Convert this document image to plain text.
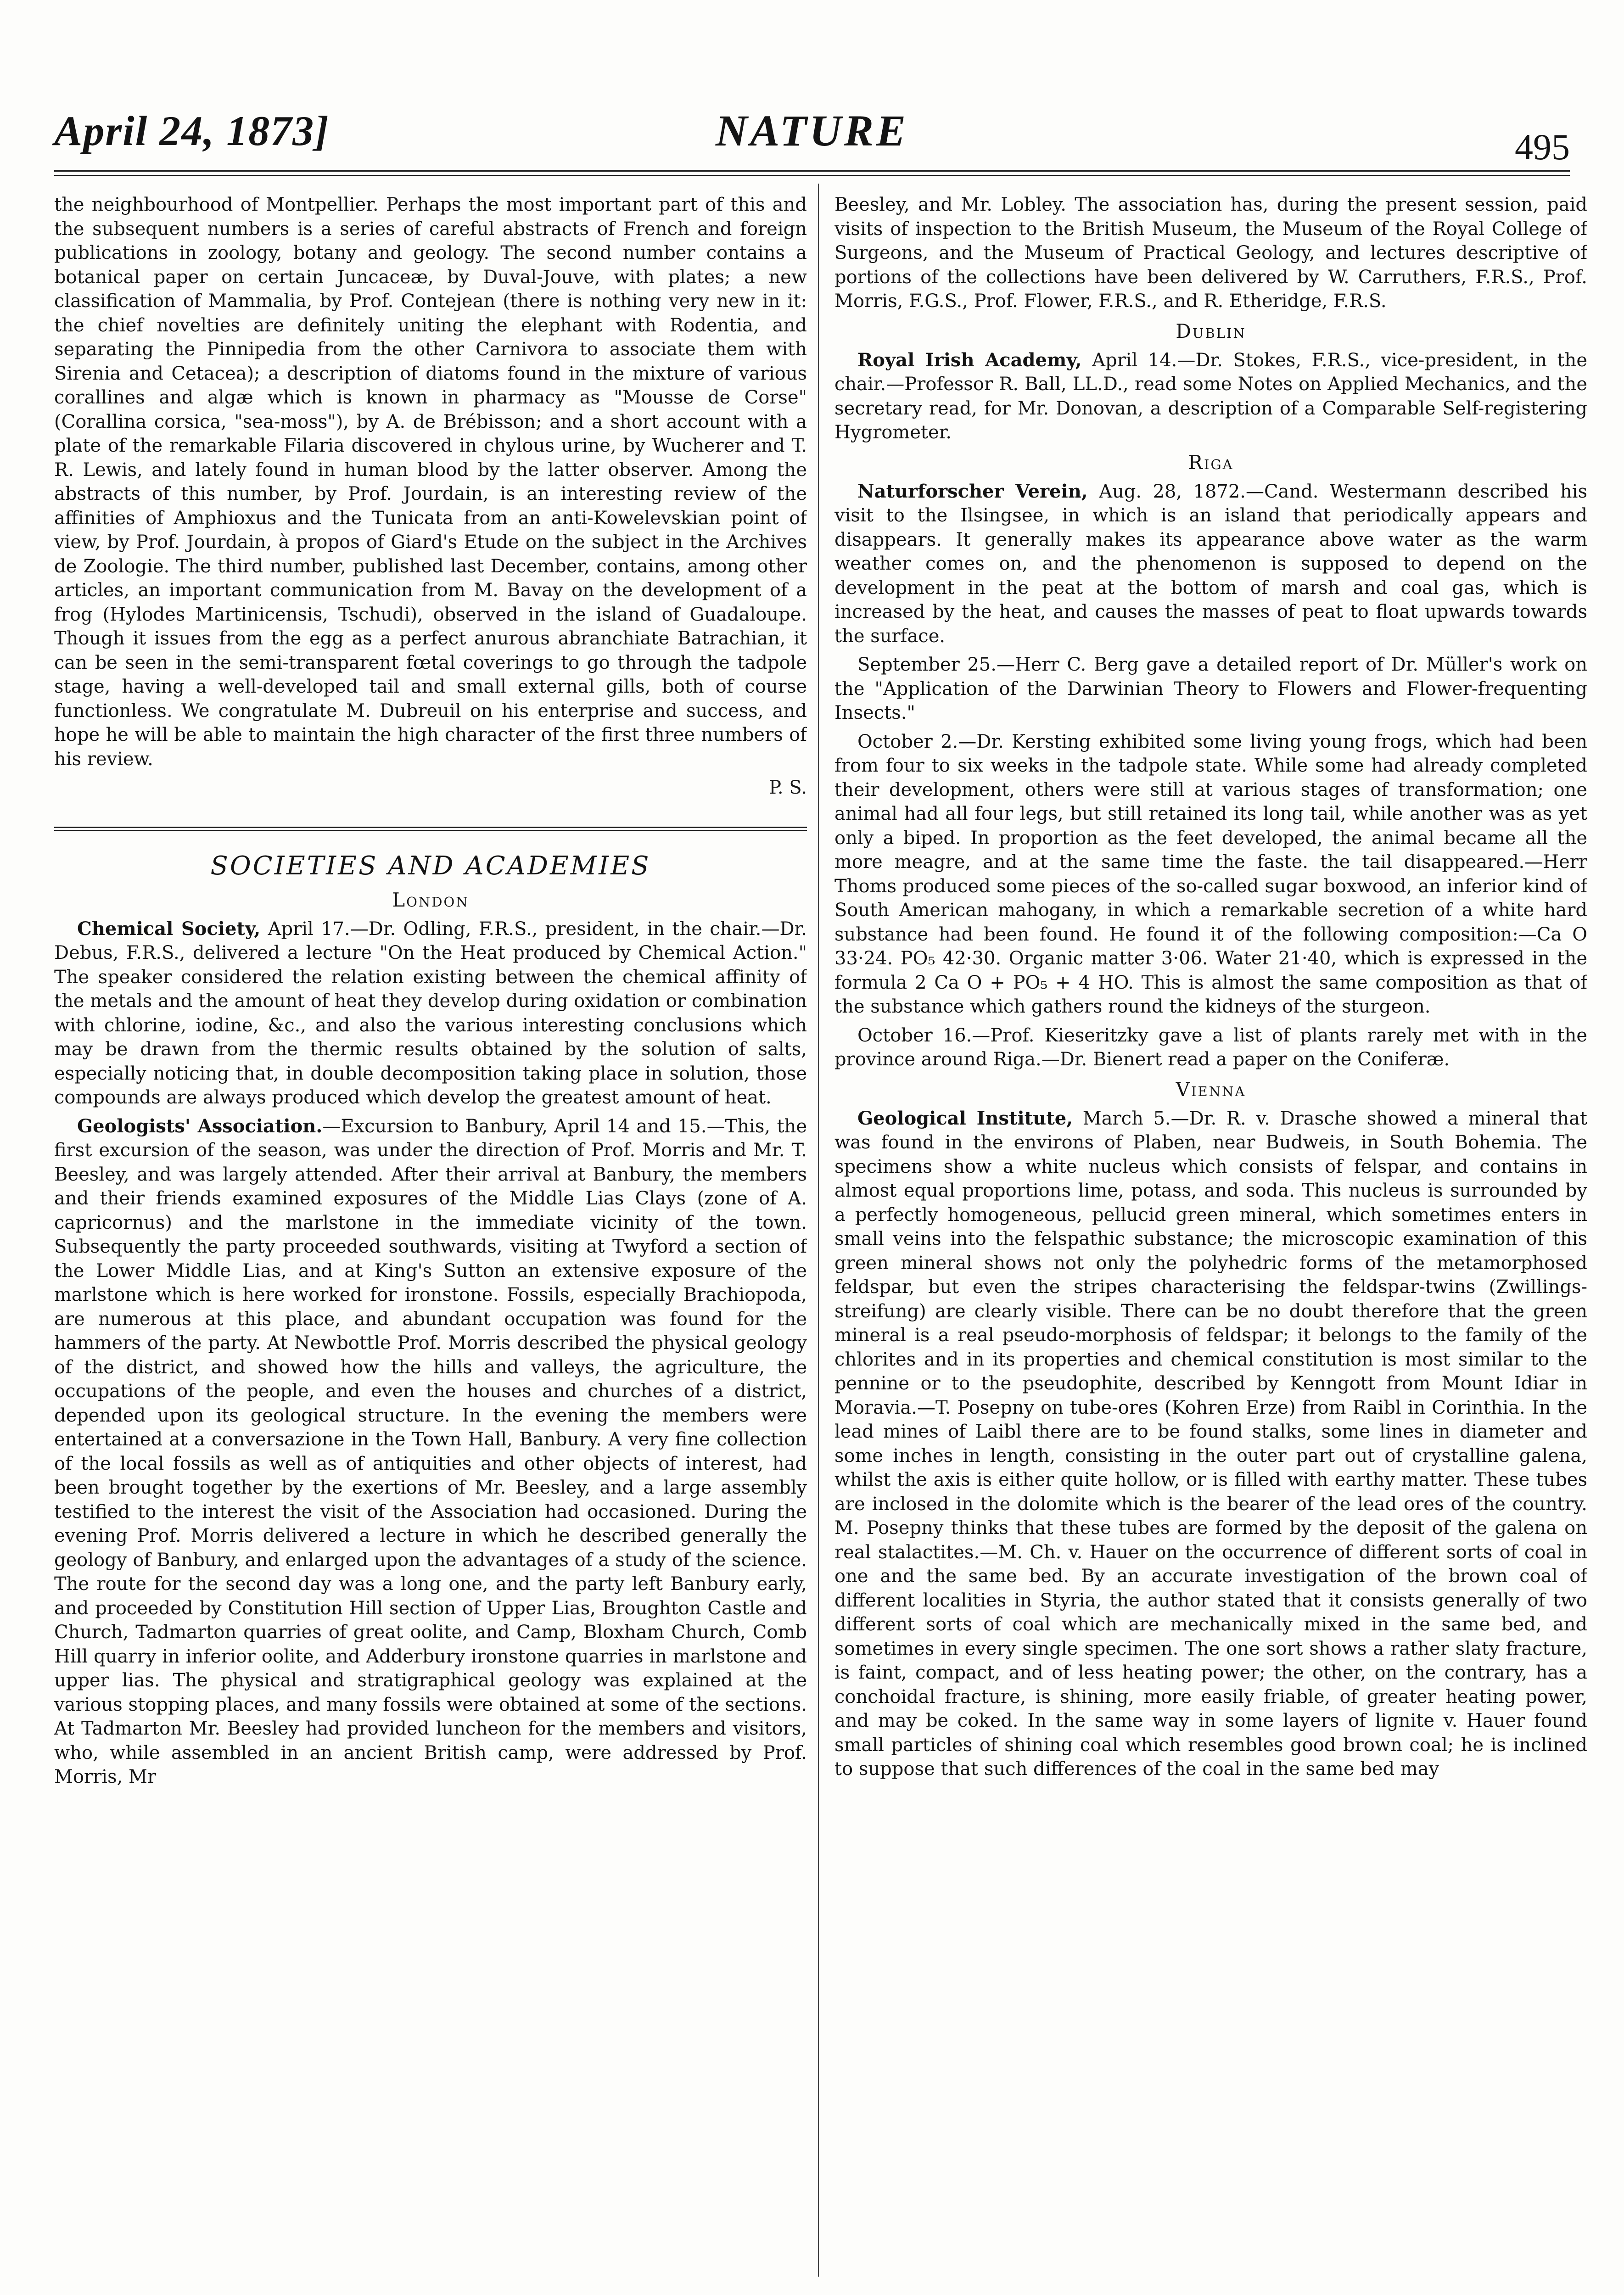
April 24, 1873]	NATURE	495

the neighbourhood of Montpellier. Perhaps the most important part of this and the subsequent numbers is a series of careful abstracts of French and foreign publications in zoology, botany and geology. The second number contains a botanical paper on certain Juncaceæ, by Duval-Jouve, with plates; a new classification of Mammalia, by Prof. Contejean (there is nothing very new in it: the chief novelties are definitely uniting the elephant with Rodentia, and separating the Pinnipedia from the other Carnivora to associate them with Sirenia and Cetacea); a description of diatoms found in the mixture of various corallines and algæ which is known in pharmacy as "Mousse de Corse" (Corallina corsica, "sea-moss"), by A. de Brébisson; and a short account with a plate of the remarkable Filaria discovered in chylous urine, by Wucherer and T. R. Lewis, and lately found in human blood by the latter observer. Among the abstracts of this number, by Prof. Jourdain, is an interesting review of the affinities of Amphioxus and the Tunicata from an anti-Kowelevskian point of view, by Prof. Jourdain, à propos of Giard's Etude on the subject in the Archives de Zoologie. The third number, published last December, contains, among other articles, an important communication from M. Bavay on the development of a frog (Hylodes Martinicensis, Tschudi), observed in the island of Guadaloupe. Though it issues from the egg as a perfect anurous abranchiate Batrachian, it can be seen in the semi-transparent fœtal coverings to go through the tadpole stage, having a well-developed tail and small external gills, both of course functionless. We congratulate M. Dubreuil on his enterprise and success, and hope he will be able to maintain the high character of the first three numbers of his review.

P. S.
SOCIETIES AND ACADEMIES
London

Chemical Society, April 17.—Dr. Odling, F.R.S., president, in the chair.—Dr. Debus, F.R.S., delivered a lecture "On the Heat produced by Chemical Action." The speaker considered the relation existing between the chemical affinity of the metals and the amount of heat they develop during oxidation or combination with chlorine, iodine, &c., and also the various interesting conclusions which may be drawn from the thermic results obtained by the solution of salts, especially noticing that, in double decomposition taking place in solution, those compounds are always produced which develop the greatest amount of heat.

Geologists' Association.—Excursion to Banbury, April 14 and 15.—This, the first excursion of the season, was under the direction of Prof. Morris and Mr. T. Beesley, and was largely attended. After their arrival at Banbury, the members and their friends examined exposures of the Middle Lias Clays (zone of A. capricornus) and the marlstone in the immediate vicinity of the town. Subsequently the party proceeded southwards, visiting at Twyford a section of the Lower Middle Lias, and at King's Sutton an extensive exposure of the marlstone which is here worked for ironstone. Fossils, especially Brachiopoda, are numerous at this place, and abundant occupation was found for the hammers of the party. At Newbottle Prof. Morris described the physical geology of the district, and showed how the hills and valleys, the agriculture, the occupations of the people, and even the houses and churches of a district, depended upon its geological structure. In the evening the members were entertained at a conversazione in the Town Hall, Banbury. A very fine collection of the local fossils as well as of antiquities and other objects of interest, had been brought together by the exertions of Mr. Beesley, and a large assembly testified to the interest the visit of the Association had occasioned. During the evening Prof. Morris delivered a lecture in which he described generally the geology of Banbury, and enlarged upon the advantages of a study of the science. The route for the second day was a long one, and the party left Banbury early, and proceeded by Constitution Hill section of Upper Lias, Broughton Castle and Church, Tadmarton quarries of great oolite, and Camp, Bloxham Church, Comb Hill quarry in inferior oolite, and Adderbury ironstone quarries in marlstone and upper lias. The physical and stratigraphical geology was explained at the various stopping places, and many fossils were obtained at some of the sections. At Tadmarton Mr. Beesley had provided luncheon for the members and visitors, who, while assembled in an ancient British camp, were addressed by Prof. Morris, Mr

Beesley, and Mr. Lobley. The association has, during the present session, paid visits of inspection to the British Museum, the Museum of the Royal College of Surgeons, and the Museum of Practical Geology, and lectures descriptive of portions of the collections have been delivered by W. Carruthers, F.R.S., Prof. Morris, F.G.S., Prof. Flower, F.R.S., and R. Etheridge, F.R.S.

Dublin

Royal Irish Academy, April 14.—Dr. Stokes, F.R.S., vice-president, in the chair.—Professor R. Ball, LL.D., read some Notes on Applied Mechanics, and the secretary read, for Mr. Donovan, a description of a Comparable Self-registering Hygrometer.

Riga

Naturforscher Verein, Aug. 28, 1872.—Cand. Westermann described his visit to the Ilsingsee, in which is an island that periodically appears and disappears. It generally makes its appearance above water as the warm weather comes on, and the phenomenon is supposed to depend on the development in the peat at the bottom of marsh and coal gas, which is increased by the heat, and causes the masses of peat to float upwards towards the surface.

September 25.—Herr C. Berg gave a detailed report of Dr. Müller's work on the "Application of the Darwinian Theory to Flowers and Flower-frequenting Insects."

October 2.—Dr. Kersting exhibited some living young frogs, which had been from four to six weeks in the tadpole state. While some had already completed their development, others were still at various stages of transformation; one animal had all four legs, but still retained its long tail, while another was as yet only a biped. In proportion as the feet developed, the animal became all the more meagre, and at the same time the faste. the tail disappeared.—Herr Thoms produced some pieces of the so-called sugar boxwood, an inferior kind of South American mahogany, in which a remarkable secretion of a white hard substance had been found. He found it of the following composition:—Ca O 33·24. PO₅ 42·30. Organic matter 3·06. Water 21·40, which is expressed in the formula 2 Ca O + PO₅ + 4 HO. This is almost the same composition as that of the substance which gathers round the kidneys of the sturgeon.

October 16.—Prof. Kieseritzky gave a list of plants rarely met with in the province around Riga.—Dr. Bienert read a paper on the Coniferæ.

Vienna

Geological Institute, March 5.—Dr. R. v. Drasche showed a mineral that was found in the environs of Plaben, near Budweis, in South Bohemia. The specimens show a white nucleus which consists of felspar, and contains in almost equal proportions lime, potass, and soda. This nucleus is surrounded by a perfectly homogeneous, pellucid green mineral, which sometimes enters in small veins into the felspathic substance; the microscopic examination of this green mineral shows not only the polyhedric forms of the metamorphosed feldspar, but even the stripes characterising the feldspar-twins (Zwillings-streifung) are clearly visible. There can be no doubt therefore that the green mineral is a real pseudo-morphosis of feldspar; it belongs to the family of the chlorites and in its properties and chemical constitution is most similar to the pennine or to the pseudophite, described by Kenngott from Mount Idiar in Moravia.—T. Posepny on tube-ores (Kohren Erze) from Raibl in Corinthia. In the lead mines of Laibl there are to be found stalks, some lines in diameter and some inches in length, consisting in the outer part out of crystalline galena, whilst the axis is either quite hollow, or is filled with earthy matter. These tubes are inclosed in the dolomite which is the bearer of the lead ores of the country. M. Posepny thinks that these tubes are formed by the deposit of the galena on real stalactites.—M. Ch. v. Hauer on the occurrence of different sorts of coal in one and the same bed. By an accurate investigation of the brown coal of different localities in Styria, the author stated that it consists generally of two different sorts of coal which are mechanically mixed in the same bed, and sometimes in every single specimen. The one sort shows a rather slaty fracture, is faint, compact, and of less heating power; the other, on the contrary, has a conchoidal fracture, is shining, more easily friable, of greater heating power, and may be coked. In the same way in some layers of lignite v. Hauer found small particles of shining coal which resembles good brown coal; he is inclined to suppose that such differences of the coal in the same bed may
